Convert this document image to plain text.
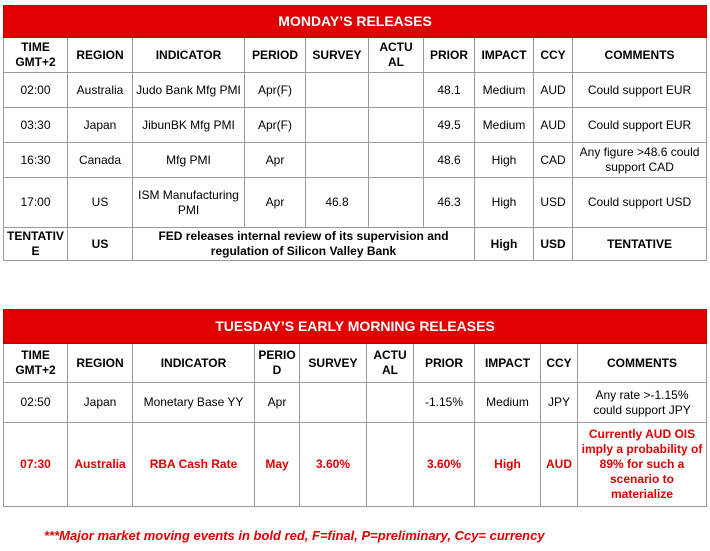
MONDAY’S RELEASES									
TIME GMT+2	REGION	INDICATOR	PERIOD	SURVEY	ACTU AL	PRIOR	IMPACT	CCY	COMMENTS
02:00	Australia	Judo Bank Mfg PMI	Apr(F)			48.1	Medium	AUD	Could support EUR
03:30	Japan	JibunBK Mfg PMI	Apr(F)			49.5	Medium	AUD	Could support EUR
16:30	Canada	Mfg PMI	Apr			48.6	High	CAD	Any figure >48.6 could support CAD
17:00	US	ISM Manufacturing PMI	Apr	46.8		46.3	High	USD	Could support USD
TENTATIV E	US	FED releases internal review of its supervision and regulation of Silicon Valley Bank					High	USD	TENTATIVE
TUESDAY’S EARLY MORNING RELEASES									
TIME GMT+2	REGION	INDICATOR	PERIO D	SURVEY	ACTU AL	PRIOR	IMPACT	CCY	COMMENTS
02:50	Japan	Monetary Base YY	Apr			-1.15%	Medium	JPY	Any rate >-1.15% could support JPY
07:30	Australia	RBA Cash Rate	May	3.60%		3.60%	High	AUD	Currently AUD OIS imply a probability of 89% for such a scenario to materialize
***Major market moving events in bold red, F=final, P=preliminary, Ccy= currency
